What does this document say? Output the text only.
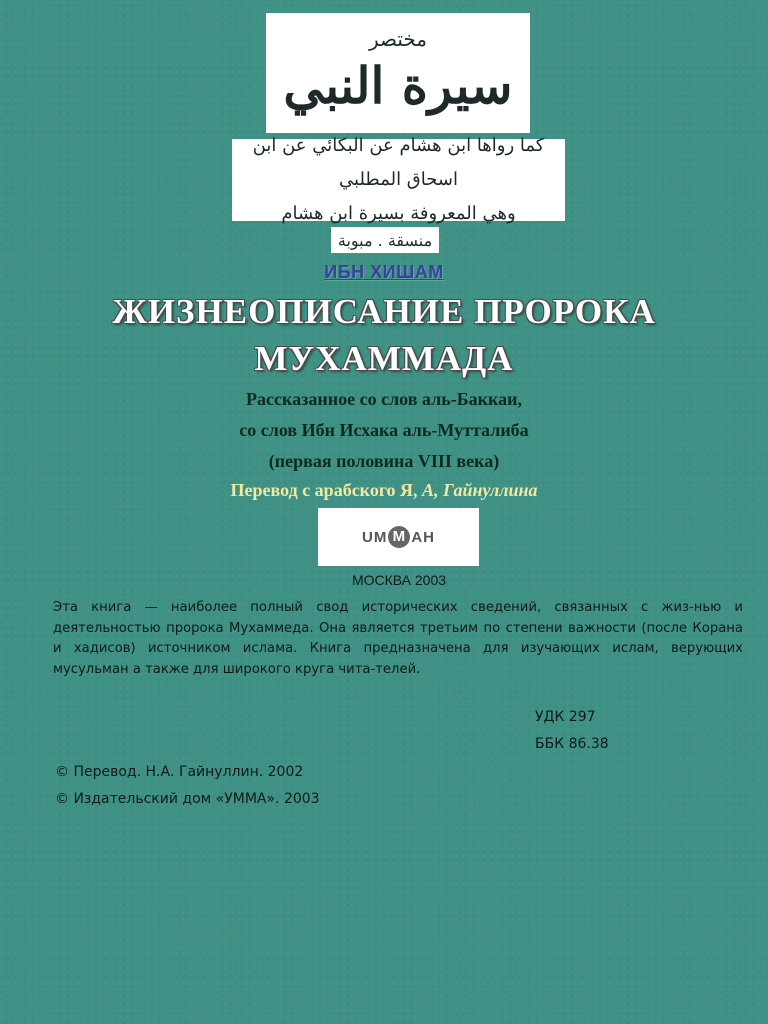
مختصر
سيرة النبي
كما رواها ابن هشام عن البكائي عن ابن اسحاق المطلبي
وهي المعروفة بسيرة ابن هشام
منسقة . مبوبة
ИБН ХИШАМ
ЖИЗНЕОПИСАНИЕ ПРОРОКА
МУХАММАДА
Рассказанное со слов аль-Баккаи,
со слов Ибн Исхака аль-Мутталиба
(первая половина VIII века)
Перевод с арабского Я, А, Гайнуллина
UM M AH
МОСКВА 2003

Эта книга — наиболее полный свод исторических сведений, связанных с жиз-нью и деятельностью пророка Мухаммеда. Она является третьим по степени важности (после Корана и хадисов) источником ислама. Книга предназначена для изучающих ислам, верующих мусульман а также для широкого круга чита-телей.

УДК 297
ББК 86.38
© Перевод. Н.А. Гайнуллин. 2002
© Издательский дом «УММА». 2003
